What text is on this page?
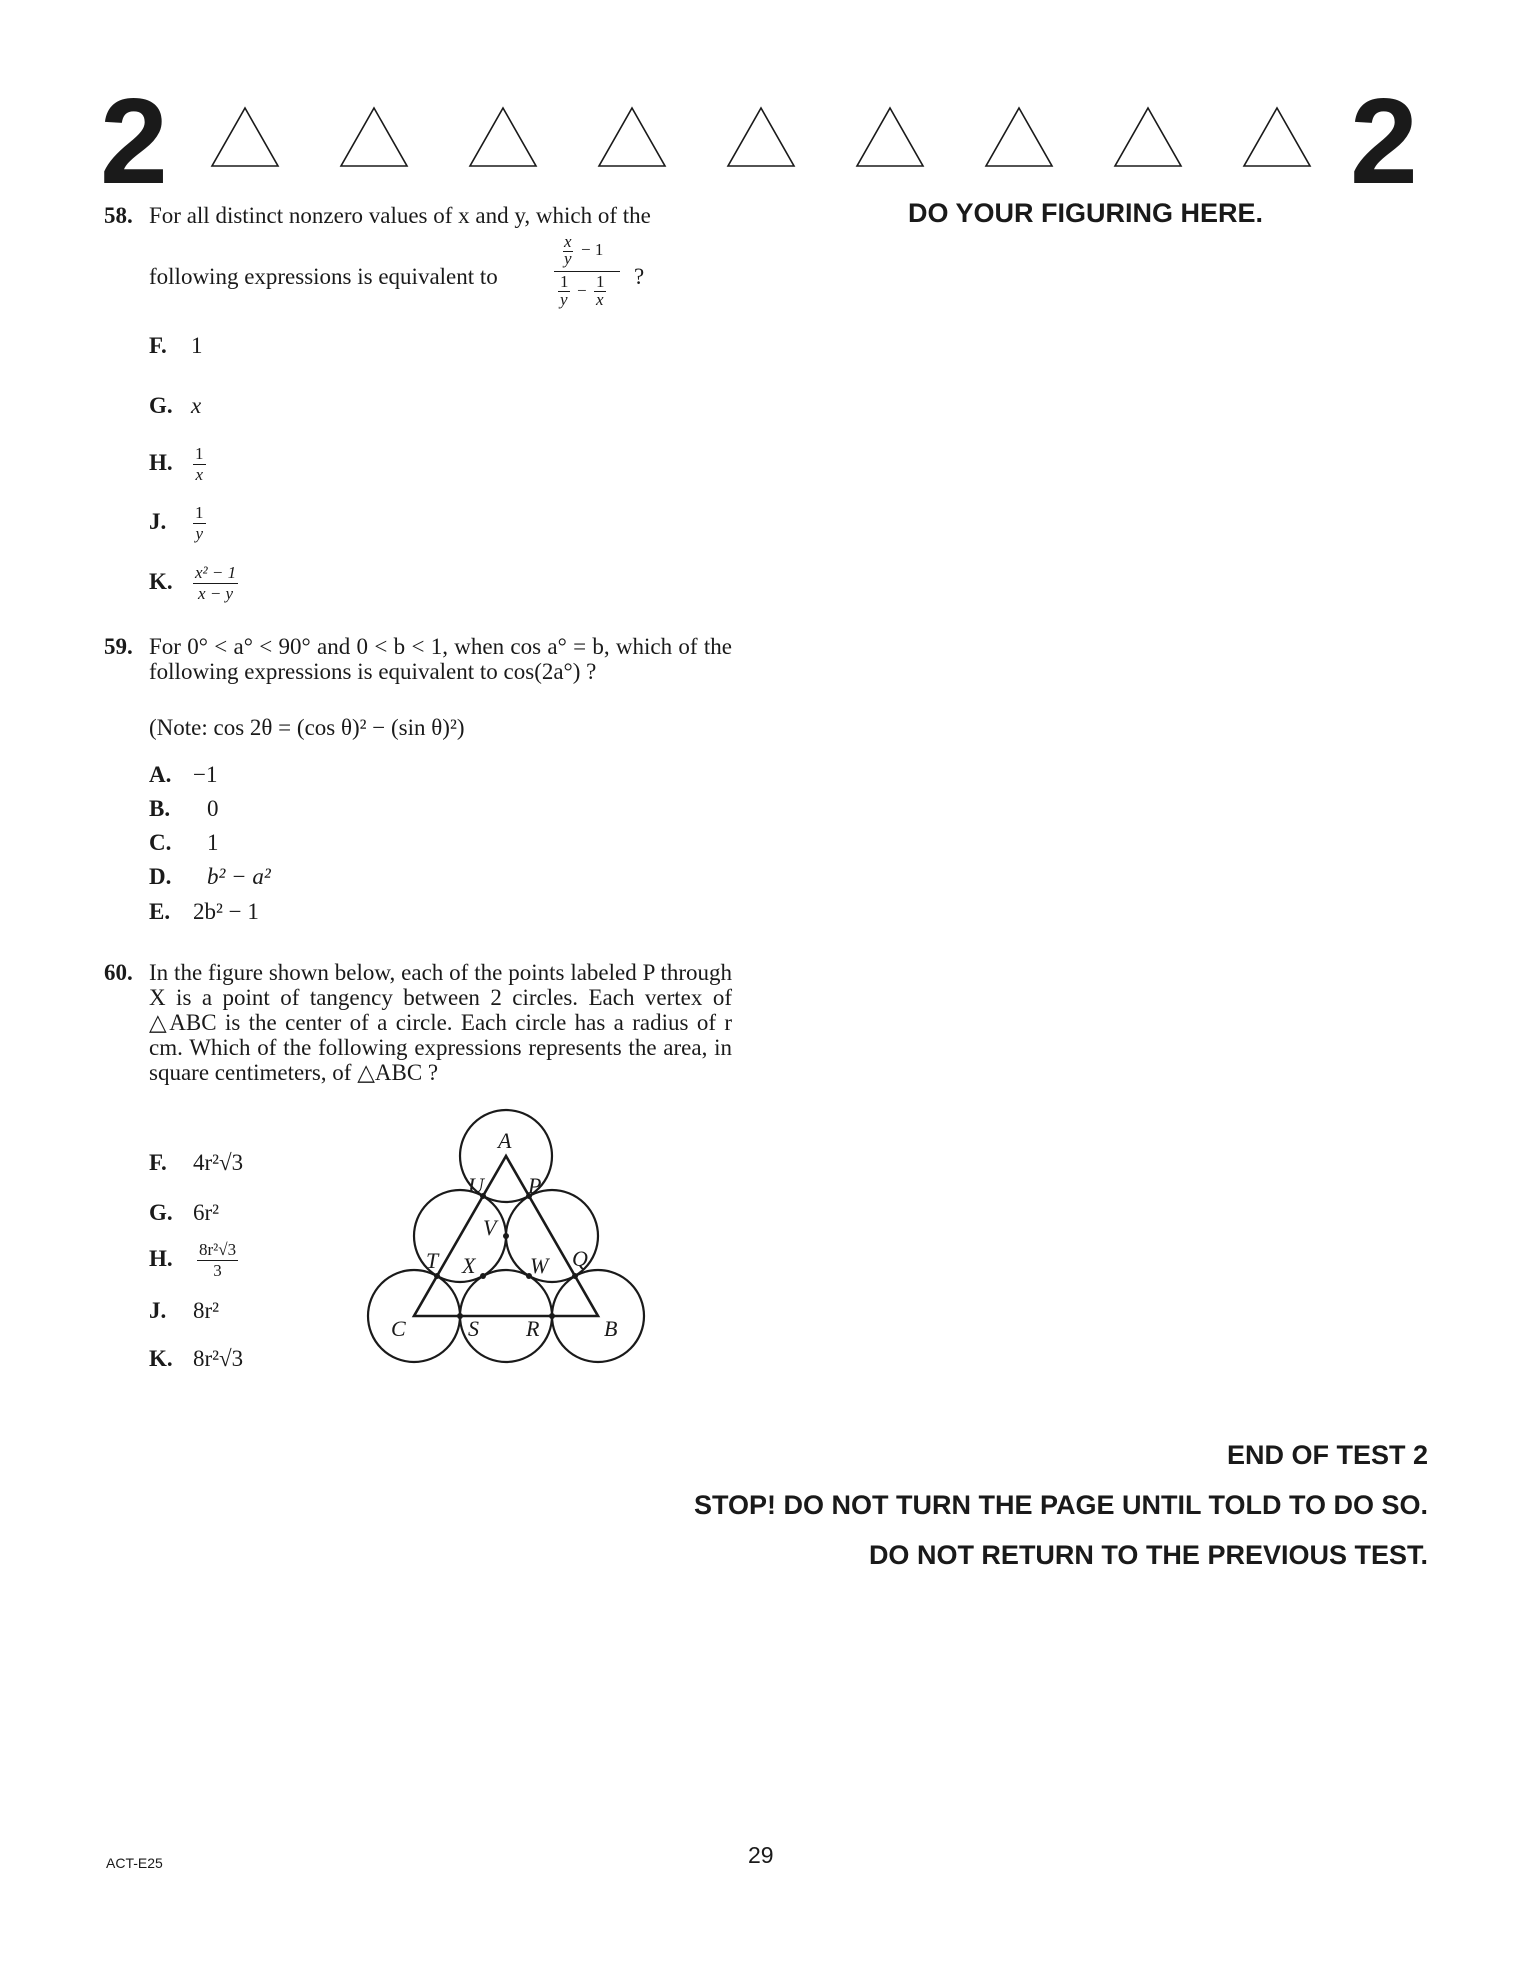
2	2
DO YOUR FIGURING HERE.
58. For all distinct nonzero values of x and y, which of the
following expressions is equivalent to
x
y − 1
1
y − 1
x
?
F. 1
G. x
H. $\frac{1}{x}$
J. $\frac{1}{y}$
K. $\frac{\text{x² − 1}}{x - y}$
59. For 0° < a° < 90° and 0 < b < 1, when cos a° = b, which of the following expressions is equivalent to cos(2a°) ?
(Note: cos 2θ = (cos θ)² − (sin θ)²)
A. −1
B. 0
C. 1
D. b² − a²
E. 2b² − 1
60. In the figure shown below, each of the points labeled P through X is a point of tangency between 2 circles. Each vertex of △ABC is the center of a circle. Each circle has a radius of r cm. Which of the following expressions represents the area, in square centimeters, of △ABC ?
F. 4r²√3
G. 6r²
H. $\frac{\text{8r²√3}}{3}$
J. 8r²
K. 8r²√3
A
U P
V
T X W Q
C	S R	B
END OF TEST 2
STOP! DO NOT TURN THE PAGE UNTIL TOLD TO DO SO.
DO NOT RETURN TO THE PREVIOUS TEST.
ACT-E25	29
